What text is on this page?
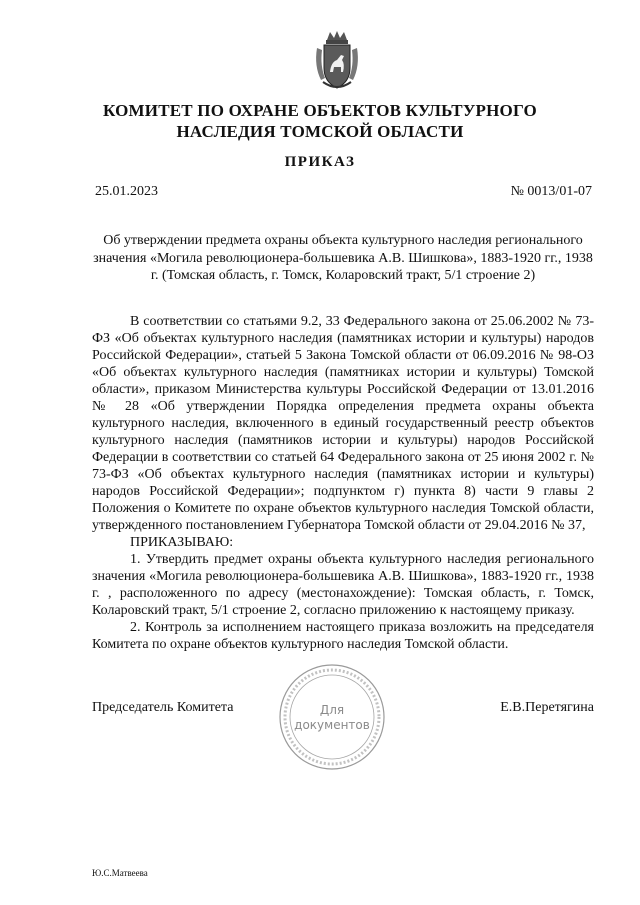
КОМИТЕТ ПО ОХРАНЕ ОБЪЕКТОВ КУЛЬТУРНОГО
НАСЛЕДИЯ ТОМСКОЙ ОБЛАСТИ
ПРИКАЗ
25.01.2023	№ 0013/01-07
Об утверждении предмета охраны объекта культурного наследия регионального значения «Могила революционера-большевика А.В. Шишкова», 1883-1920 гг., 1938 г. (Томская область, г. Томск, Коларовский тракт, 5/1 строение 2)

В соответствии со статьями 9.2, 33 Федерального закона от 25.06.2002 № 73-ФЗ «Об объектах культурного наследия (памятниках истории и культуры) народов Российской Федерации», статьей 5 Закона Томской области от 06.09.2016 № 98-ОЗ «Об объектах культурного наследия (памятниках истории и культуры) Томской области», приказом Министерства культуры Российской Федерации от 13.01.2016 № 28 «Об утверждении Порядка определения предмета охраны объекта культурного наследия, включенного в единый государственный реестр объектов культурного наследия (памятников истории и культуры) народов Российской Федерации в соответствии со статьей 64 Федерального закона от 25 июня 2002 г. № 73-ФЗ «Об объектах культурного наследия (памятниках истории и культуры) народов Российской Федерации»; подпунктом г) пункта 8) части 9 главы 2 Положения о Комитете по охране объектов культурного наследия Томской области, утвержденного постановлением Губернатора Томской области от 29.04.2016 № 37,

ПРИКАЗЫВАЮ:

1. Утвердить предмет охраны объекта культурного наследия регионального значения «Могила революционера-большевика А.В. Шишкова», 1883-1920 гг., 1938 г. , расположенного по адресу (местонахождение): Томская область, г. Томск, Коларовский тракт, 5/1 строение 2, согласно приложению к настоящему приказу.

2. Контроль за исполнением настоящего приказа возложить на председателя Комитета по охране объектов культурного наследия Томской области.

Председатель Комитета	Е.В.Перетягина
Для
документов
Ю.С.Матвеева
